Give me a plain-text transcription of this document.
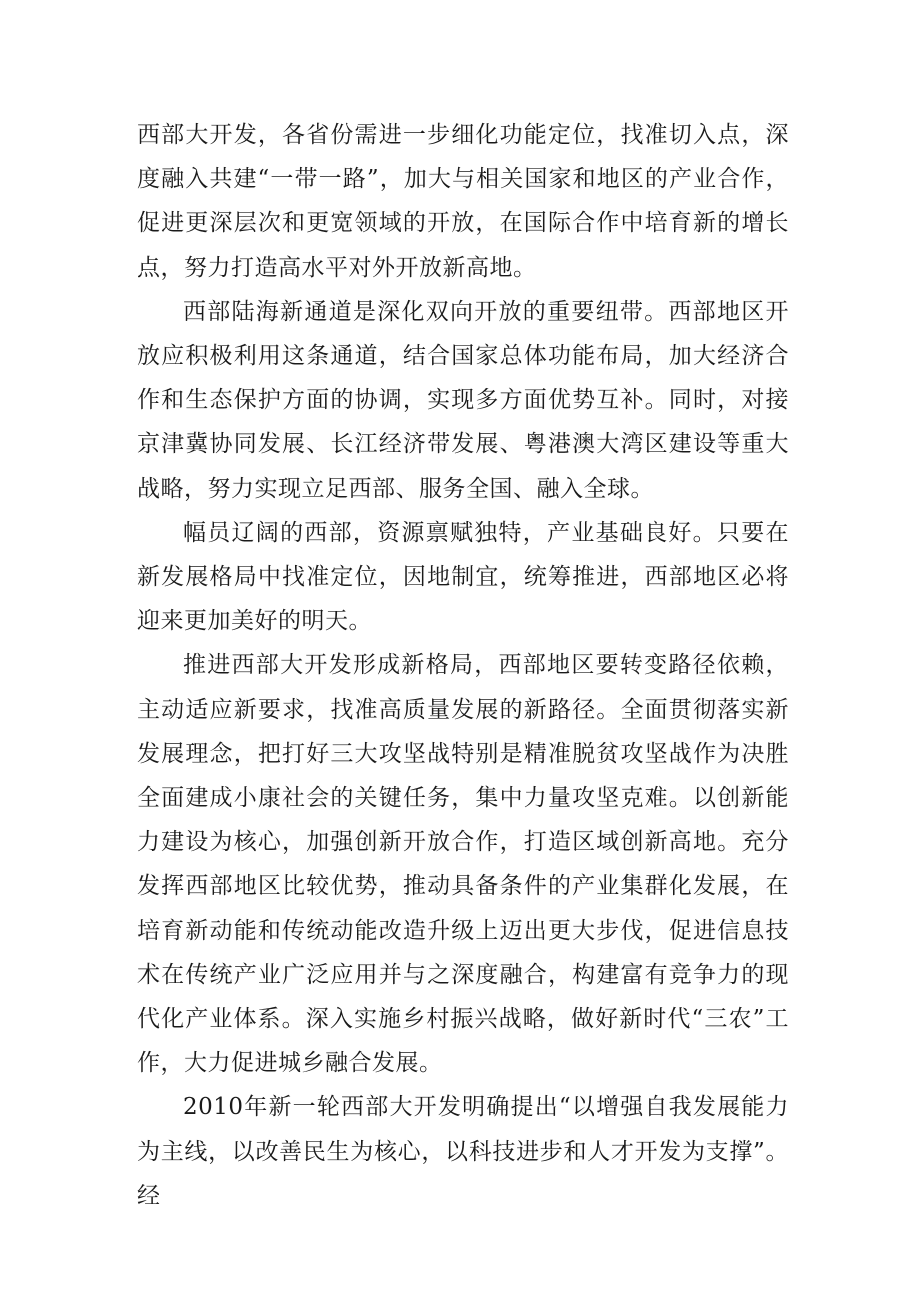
西部大开发，各省份需进一步细化功能定位，找准切入点，深度融入共建“一带一路”，加大与相关国家和地区的产业合作，促进更深层次和更宽领域的开放，在国际合作中培育新的增长点，努力打造高水平对外开放新高地。

西部陆海新通道是深化双向开放的重要纽带。西部地区开放应积极利用这条通道，结合国家总体功能布局，加大经济合作和生态保护方面的协调，实现多方面优势互补。同时，对接京津冀协同发展、长江经济带发展、粤港澳大湾区建设等重大战略，努力实现立足西部、服务全国、融入全球。

幅员辽阔的西部，资源禀赋独特，产业基础良好。只要在新发展格局中找准定位，因地制宜，统筹推进，西部地区必将迎来更加美好的明天。

推进西部大开发形成新格局，西部地区要转变路径依赖，主动适应新要求，找准高质量发展的新路径。全面贯彻落实新发展理念，把打好三大攻坚战特别是精准脱贫攻坚战作为决胜全面建成小康社会的关键任务，集中力量攻坚克难。以创新能力建设为核心，加强创新开放合作，打造区域创新高地。充分发挥西部地区比较优势，推动具备条件的产业集群化发展，在培育新动能和传统动能改造升级上迈出更大步伐，促进信息技术在传统产业广泛应用并与之深度融合，构建富有竞争力的现代化产业体系。深入实施乡村振兴战略，做好新时代“三农”工作，大力促进城乡融合发展。

2010年新一轮西部大开发明确提出“以增强自我发展能力为主线，以改善民生为核心，以科技进步和人才开发为支撑”。经
